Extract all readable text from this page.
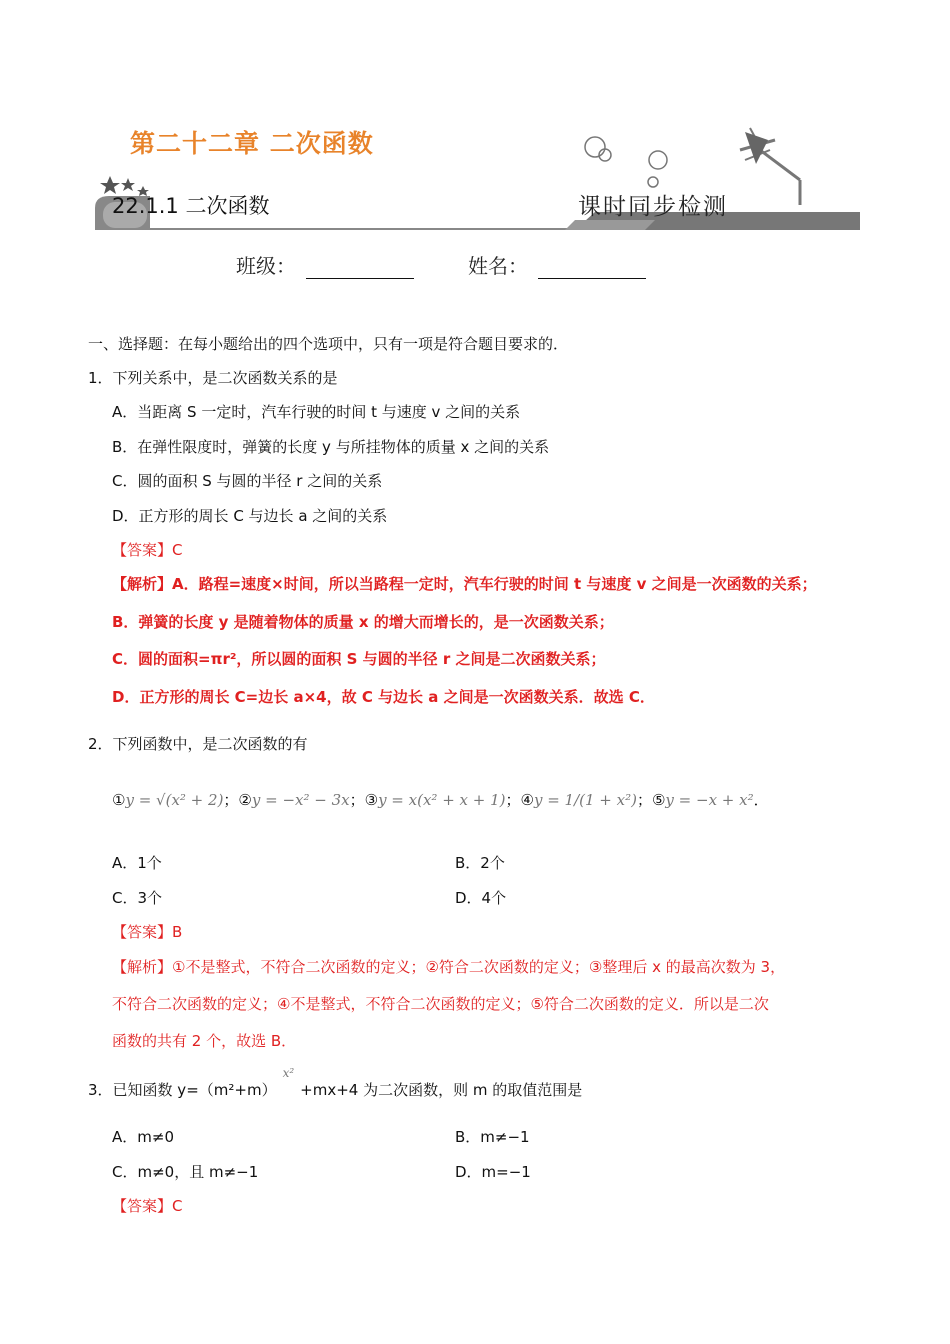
第二十二章 二次函数
22.1.1 二次函数	课时同步检测
班级：	姓名：
一、选择题：在每小题给出的四个选项中，只有一项是符合题目要求的．
1．下列关系中，是二次函数关系的是
A．当距离 S 一定时，汽车行驶的时间 t 与速度 v 之间的关系
B．在弹性限度时，弹簧的长度 y 与所挂物体的质量 x 之间的关系
C．圆的面积 S 与圆的半径 r 之间的关系
D．正方形的周长 C 与边长 a 之间的关系
【答案】C
【解析】A．路程=速度×时间，所以当路程一定时，汽车行驶的时间 t 与速度 v 之间是一次函数的关系；
B．弹簧的长度 y 是随着物体的质量 x 的增大而增长的，是一次函数关系；
C．圆的面积=πr²，所以圆的面积 S 与圆的半径 r 之间是二次函数关系；
D．正方形的周长 C=边长 a×4，故 C 与边长 a 之间是一次函数关系．故选 C．
2．下列函数中，是二次函数的有
①y = √(x² + 2)；②y = −x² − 3x；③y = x(x² + x + 1)；④y = 1/(1 + x²)；⑤y = −x + x²．
A．1个	B．2个
C．3个	D．4个
【答案】B
【解析】①不是整式，不符合二次函数的定义；②符合二次函数的定义；③整理后 x 的最高次数为 3，
不符合二次函数的定义；④不是整式，不符合二次函数的定义；⑤符合二次函数的定义．所以是二次
函数的共有 2 个，故选 B．
3．已知函数 $y=(m^2+m)^{x^2}+mx+4$ 为二次函数，则 m 的取值范围是
A．m≠0	B．m≠−1
C．m≠0，且 m≠−1	D．m=−1
【答案】C
